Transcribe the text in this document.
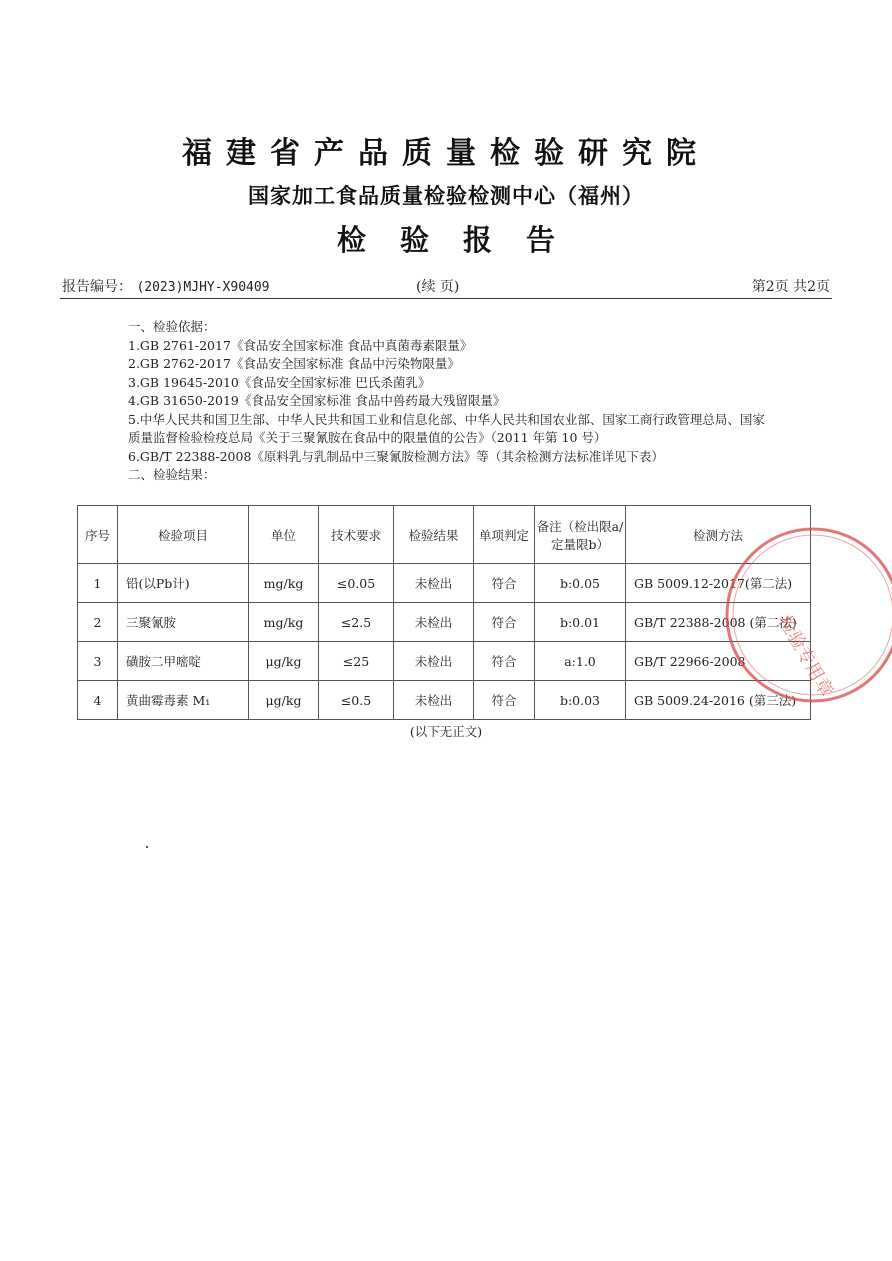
福建省产品质量检验研究院
国家加工食品质量检验检测中心（福州）
检验报告
报告编号： (2023)MJHY-X90409	(续 页)	第2页 共2页
一、检验依据：
1.GB 2761-2017《食品安全国家标准 食品中真菌毒素限量》
2.GB 2762-2017《食品安全国家标准 食品中污染物限量》
3.GB 19645-2010《食品安全国家标准 巴氏杀菌乳》
4.GB 31650-2019《食品安全国家标准 食品中兽药最大残留限量》
5.中华人民共和国卫生部、中华人民共和国工业和信息化部、中华人民共和国农业部、国家工商行政管理总局、国家质量监督检验检疫总局《关于三聚氰胺在食品中的限量值的公告》（2011 年第 10 号）
6.GB/T 22388-2008《原料乳与乳制品中三聚氰胺检测方法》等（其余检测方法标准详见下表）
二、检验结果：
序号	检验项目	单位	技术要求	检验结果	单项判定	备注（检出限a/定量限b）	检测方法
1	铅(以Pb计)	mg/kg	≤0.05	未检出	符合	b:0.05	GB 5009.12-2017(第二法)
2	三聚氰胺	mg/kg	≤2.5	未检出	符合	b:0.01	GB/T 22388-2008 (第二法)
3	磺胺二甲嘧啶	μg/kg	≤25	未检出	符合	a:1.0	GB/T 22966-2008
4	黄曲霉毒素 M₁	μg/kg	≤0.5	未检出	符合	b:0.03	GB 5009.24-2016 (第三法)
(以下无正文)
检验专用章
